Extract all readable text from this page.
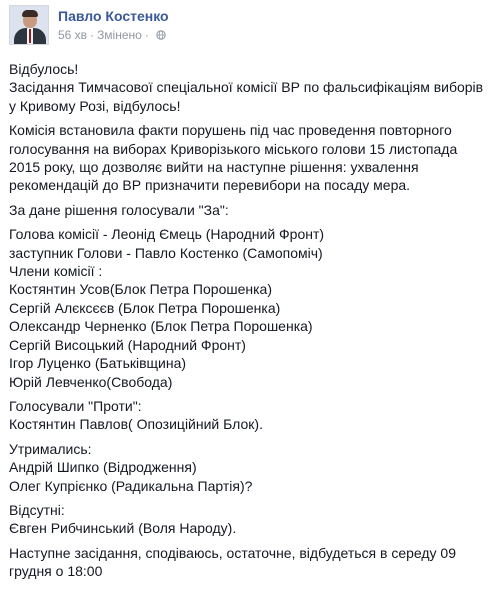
Павло Костенко
56 хв · Змінено ·
Відбулось!
Засідання Тимчасової спеціальної комісії ВР по фальсифікаціям виборів
у Кривому Розі, відбулось!
Комісія встановила факти порушень під час проведення повторного
голосування на виборах Криворізького міського голови 15 листопада
2015 року, що дозволяє вийти на наступне рішення: ухвалення
рекомендацій до ВР призначити перевибори на посаду мера.
За дане рішення голосували "За":
Голова комісії - Леонід Ємець (Народний Фронт)
заступник Голови - Павло Костенко (Самопоміч)
Члени комісії :
Костянтин Усов(Блок Петра Порошенка)
Сергій Алєксєєв (Блок Петра Порошенка)
Олександр Черненко (Блок Петра Порошенка)
Сергій Висоцький (Народний Фронт)
Ігор Луценко (Батьківщина)
Юрій Левченко(Свобода)
Голосували "Проти":
Костянтин Павлов( Опозиційний Блок).
Утримались:
Андрій Шипко (Відродження)
Олег Купрієнко (Радикальна Партія)?
Відсутні:
Євген Рибчинський (Воля Народу).
Наступне засідання, сподіваюсь, остаточне, відбудеться в середу 09
грудня о 18:00
